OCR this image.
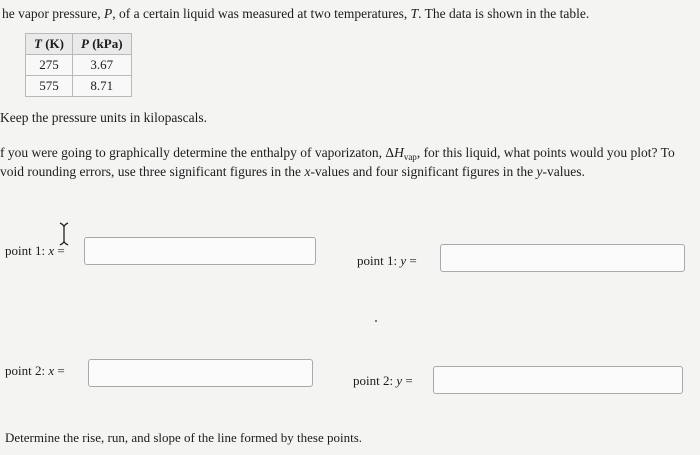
he vapor pressure, P, of a certain liquid was measured at two temperatures, T. The data is shown in the table.
T (K)	P (kPa)
275	3.67
575	8.71
Keep the pressure units in kilopascals.
f you were going to graphically determine the enthalpy of vaporizaton, $\Delta H_{vap}$, for this liquid, what points would you plot? To
void rounding errors, use three significant figures in the x-values and four significant figures in the y-values.
point 1: x =
point 1: y =
point 2: x =
point 2: y =
Determine the rise, run, and slope of the line formed by these points.
